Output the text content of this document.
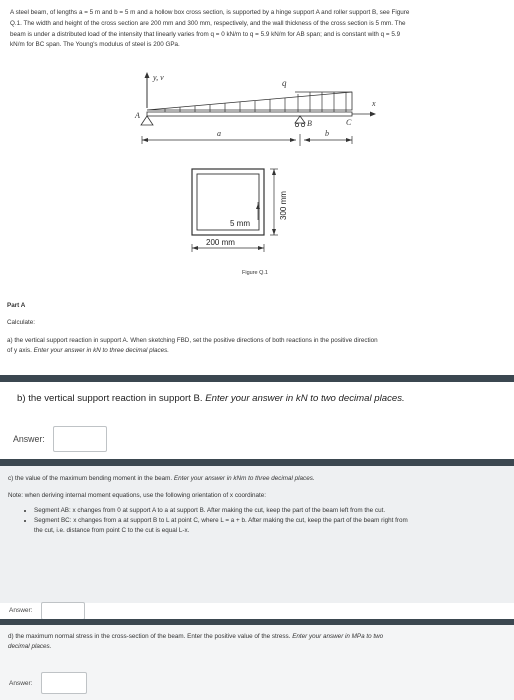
A steel beam, of lengths a = 5 m and b = 5 m and a hollow box cross section, is supported by a hinge support A and roller support B, see Figure
Q.1. The width and height of the cross section are 200 mm and 300 mm, respectively, and the wall thickness of the cross section is 5 mm. The
beam is under a distributed load of the intensity that linearly varies from q = 0 kN/m to q = 5.9 kN/m for AB span; and is constant with q = 5.9
kN/m for BC span. The Young's modulus of steel is 200 GPa.
y, v
q
x
A
B	C
a	b
5 mm
300 mm
200 mm
Figure Q.1
Part A
Calculate:
a) the vertical support reaction in support A. When sketching FBD, set the positive directions of both reactions in the positive direction
of y axis. Enter your answer in kN to three decimal places.
b) the vertical support reaction in support B. Enter your answer in kN to two decimal places.
Answer:
c) the value of the maximum bending moment in the beam. Enter your answer in kNm to three decimal places.
Note: when deriving internal moment equations, use the following orientation of x coordinate:
• Segment AB: x changes from 0 at support A to a at support B. After making the cut, keep the part of the beam left from the cut.
• Segment BC: x changes from a at support B to L at point C, where L = a + b. After making the cut, keep the part of the beam right from
the cut, i.e. distance from point C to the cut is equal L-x.
Answer:
d) the maximum normal stress in the cross-section of the beam. Enter the positive value of the stress. Enter your answer in MPa to two
decimal places.
Answer:
